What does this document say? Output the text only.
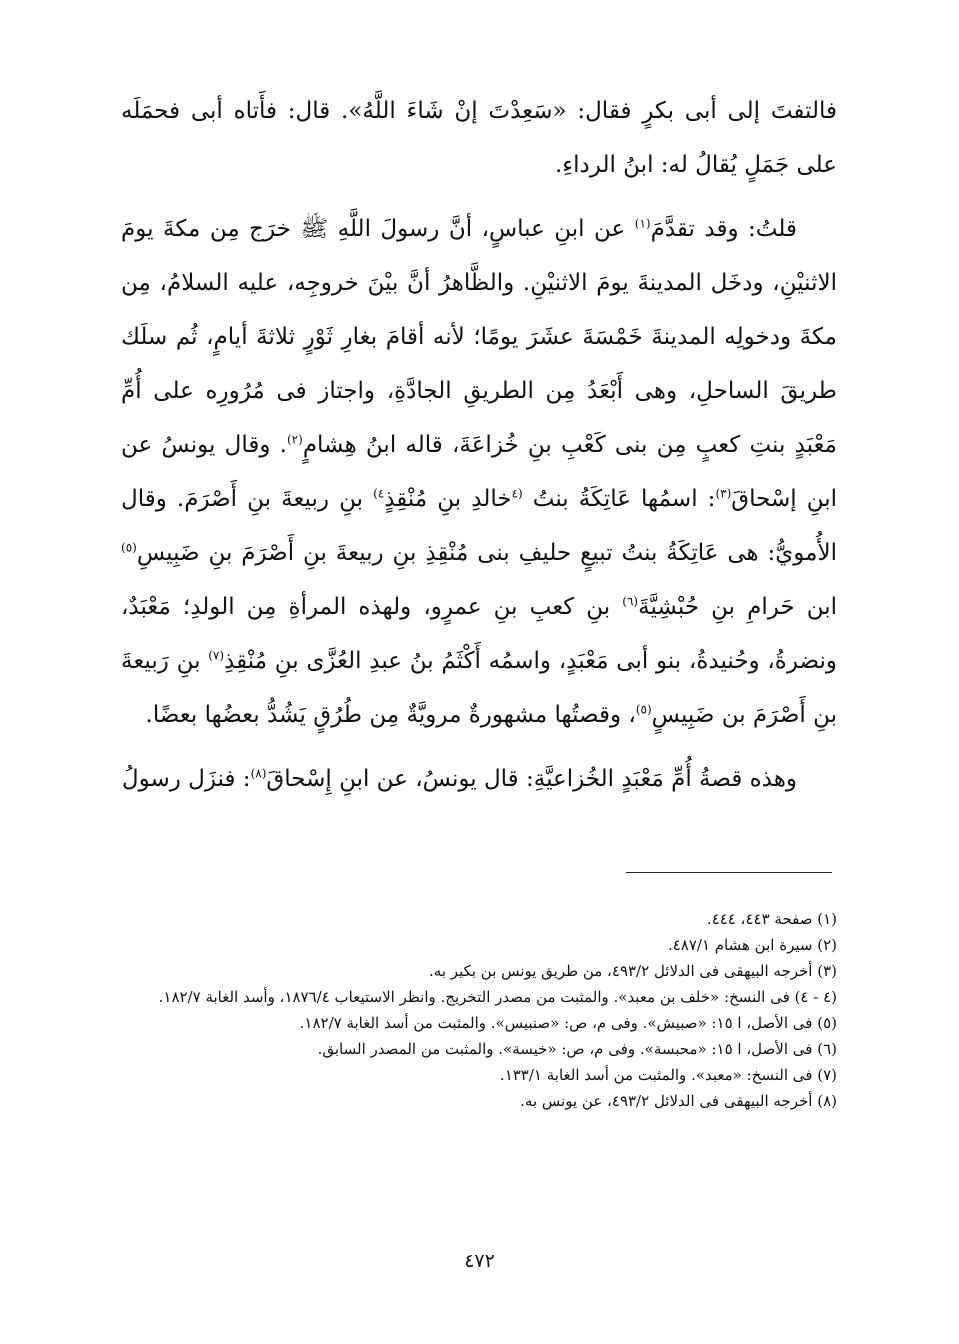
فالتفتَ إلى أبى بكرٍ فقال: «سَعِدْتَ إنْ شَاءَ اللَّهُ». قال: فأَتاه أبى فحمَلَه على جَمَلٍ يُقالُ له: ابنُ الرداءِ.

قلتُ: وقد تقدَّمَ$^{(١)}$ عن ابنِ عباسٍ، أنَّ رسولَ اللَّهِ ﷺ خرَج مِن مكةَ يومَ الاثنيْنِ، ودخَل المدينةَ يومَ الاثنيْنِ. والظَّاهرُ أنَّ بيْنَ خروجِه، عليه السلامُ، مِن مكةَ ودخولِه المدينةَ خَمْسَةَ عشَرَ يومًا؛ لأنه أقامَ بغارِ ثَوْرٍ ثلاثةَ أيامٍ، ثُم سلَك طريقَ الساحلِ، وهى أَبْعَدُ مِن الطريقِ الجادَّةِ، واجتاز فى مُرُورِه على أُمِّ مَعْبَدٍ بنتِ كعبٍ مِن بنى كَعْبِ بنِ خُزاعَةَ، قاله ابنُ هِشامٍ$^{(٢)}$. وقال يونسُ عن ابنِ إسْحاقَ$^{(٣)}$: اسمُها عَاتِكَةُ بنتُ $^{(٤}$خالدِ بنِ مُنْقِذٍ$^{٤)}$ بنِ ربيعةَ بنِ أَصْرَمَ. وقال الأُمويُّ: هى عَاتِكَةُ بنتُ تبيعٍ حليفِ بنى مُنْقِذِ بنِ ربيعةَ بنِ أَصْرَمَ بنِ ضَبِيسِ$^{(٥)}$ ابن حَرامِ بنِ حُبْشِيَّةَ$^{(٦)}$ بنِ كعبِ بنِ عمرٍو، ولهذه المرأةِ مِن الولدِ؛ مَعْبَدٌ، ونضرةُ، وحُنيدةُ، بنو أبى مَعْبَدٍ، واسمُه أَكْثَمُ بنُ عبدِ العُزَّى بنِ مُنْقِذِ$^{(٧)}$ بنِ رَبيعةَ بنِ أَصْرَمَ بن ضَبِيسٍ$^{(٥)}$، وقصتُها مشهورةٌ مرويَّةٌ مِن طُرُقٍ يَشُدُّ بعضُها بعضًا.

وهذه قصةُ أُمِّ مَعْبَدٍ الخُزاعيَّةِ: قال يونسُ، عن ابنِ إِسْحاقَ$^{(٨)}$: فنزَل رسولُ

(١) صفحة ٤٤٣، ٤٤٤.
(٢) سيرة ابن هشام ٤٨٧/١.
(٣) أخرجه البيهقى فى الدلائل ٤٩٣/٢، من طريق يونس بن بكير به.
(٤ - ٤) فى النسخ: «خلف بن معبد». والمثبت من مصدر التخريج. وانظر الاستيعاب ١٨٧٦/٤، وأسد الغابة ١٨٢/٧.
(٥) فى الأصل، ا ١٥: «صبيش». وفى م، ص: «صنبيس». والمثبت من أسد الغابة ١٨٢/٧.
(٦) فى الأصل، ا ١٥: «محبسة». وفى م، ص: «خيسة». والمثبت من المصدر السابق.
(٧) فى النسخ: «معبد». والمثبت من أسد الغابة ١٣٣/١.
(٨) أخرجه البيهقى فى الدلائل ٤٩٣/٢، عن يونس به.
٤٧٢
